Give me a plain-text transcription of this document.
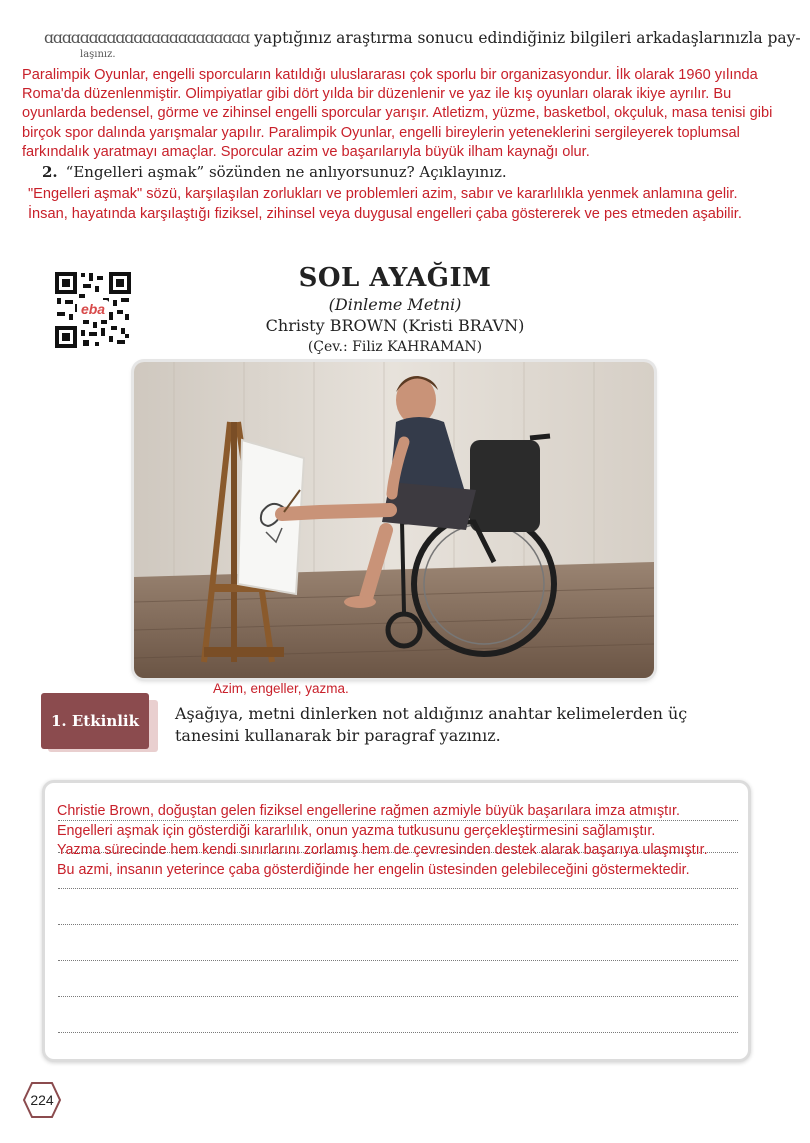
ɑɑɑɑɑɑɑɑɑɑɑɑɑɑɑɑɑɑɑɑɑɑɑ yaptığınız araştırma sonucu edindiğiniz bilgileri arkadaşlarınızla pay-
laşınız.
Paralimpik Oyunlar, engelli sporcuların katıldığı uluslararası çok sporlu bir organizasyondur. İlk olarak 1960 yılında
Roma'da düzenlenmiştir. Olimpiyatlar gibi dört yılda bir düzenlenir ve yaz ile kış oyunları olarak ikiye ayrılır. Bu
oyunlarda bedensel, görme ve zihinsel engelli sporcular yarışır. Atletizm, yüzme, basketbol, okçuluk, masa tenisi gibi
birçok spor dalında yarışmalar yapılır. Paralimpik Oyunlar, engelli bireylerin yeteneklerini sergileyerek toplumsal
farkındalık yaratmayı amaçlar. Sporcular azim ve başarılarıyla büyük ilham kaynağı olur.
2. “Engelleri aşmak” sözünden ne anlıyorsunuz? Açıklayınız.
"Engelleri aşmak" sözü, karşılaşılan zorlukları ve problemleri azim, sabır ve kararlılıkla yenmek anlamına gelir.
İnsan, hayatında karşılaştığı fiziksel, zihinsel veya duygusal engelleri çaba göstererek ve pes etmeden aşabilir.
eba
SOL AYAĞIM
(Dinleme Metni)
Christy BROWN (Kristi BRAVN)
(Çev.: Filiz KAHRAMAN)
Azim, engeller, yazma.
1. Etkinlik	Aşağıya, metni dinlerken not aldığınız anahtar kelimelerden üç tanesini kullanarak bir paragraf yazınız.
Christie Brown, doğuştan gelen fiziksel engellerine rağmen azmiyle büyük başarılara imza atmıştır.
Engelleri aşmak için gösterdiği kararlılık, onun yazma tutkusunu gerçekleştirmesini sağlamıştır.
Yazma sürecinde hem kendi sınırlarını zorlamış hem de çevresinden destek alarak başarıya ulaşmıştır.
Bu azmi, insanın yeterince çaba gösterdiğinde her engelin üstesinden gelebileceğini göstermektedir.
224
